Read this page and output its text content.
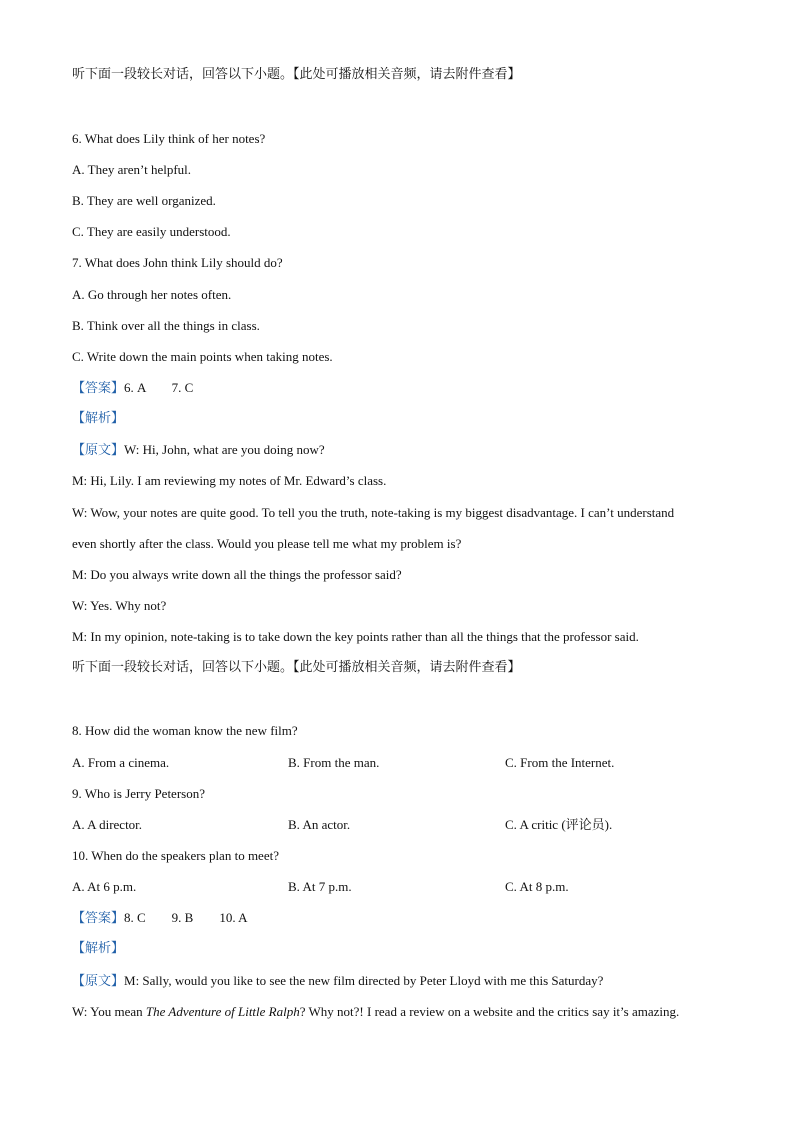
听下面一段较长对话，回答以下小题。【此处可播放相关音频，请去附件查看】
6. What does Lily think of her notes?
A. They aren’t helpful.
B. They are well organized.
C. They are easily understood.
7. What does John think Lily should do?
A. Go through her notes often.
B. Think over all the things in class.
C. Write down the main points when taking notes.
【答案】6. A        7. C
【解析】
【原文】W: Hi, John, what are you doing now?
M: Hi, Lily. I am reviewing my notes of Mr. Edward’s class.
W: Wow, your notes are quite good. To tell you the truth, note-taking is my biggest disadvantage. I can’t understand
even shortly after the class. Would you please tell me what my problem is?
M: Do you always write down all the things the professor said?
W: Yes. Why not?
M: In my opinion, note-taking is to take down the key points rather than all the things that the professor said.
听下面一段较长对话，回答以下小题。【此处可播放相关音频，请去附件查看】
8. How did the woman know the new film?
A. From a cinema.	B. From the man.	C. From the Internet.
9. Who is Jerry Peterson?
A. A director.	B. An actor.	C. A critic (评论员).
10. When do the speakers plan to meet?
A. At 6 p.m.	B. At 7 p.m.	C. At 8 p.m.
【答案】8. C        9. B        10. A
【解析】
【原文】M: Sally, would you like to see the new film directed by Peter Lloyd with me this Saturday?
W: You mean The Adventure of Little Ralph? Why not?! I read a review on a website and the critics say it’s amazing.
